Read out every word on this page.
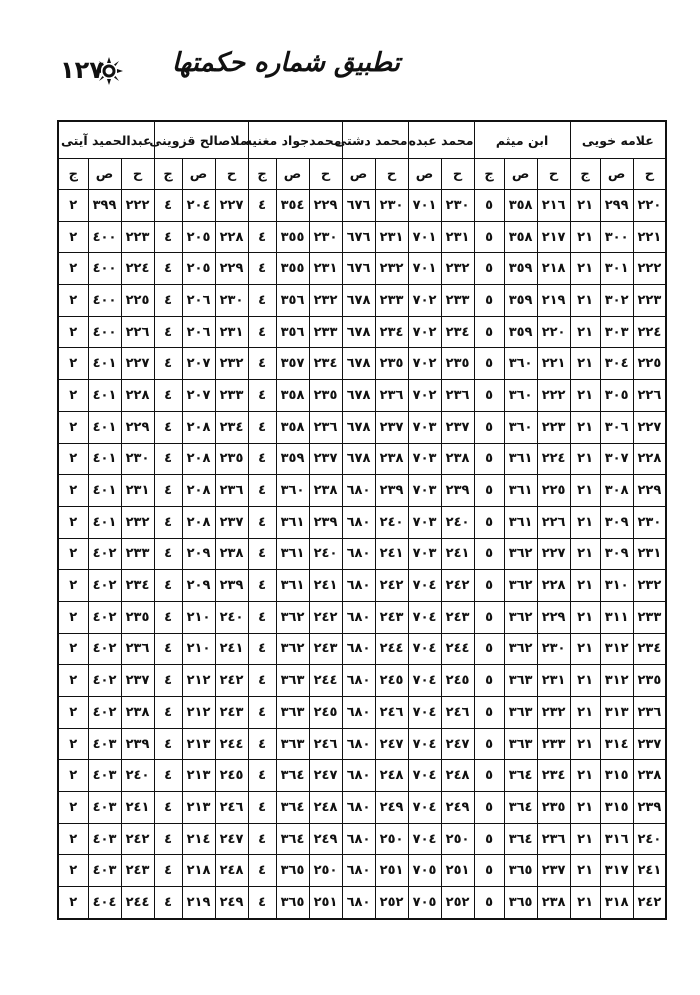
تطبيق شماره حكمتها
١٢٧
علامه خويى			ابن ميثم			محمد عبده		محمد دشتى		محمدجواد مغنيه			ملاصالح قزوينى			عبدالحميد آيتى		
ح	ص	ج	ح	ص	ج	ح	ص	ح	ص	ح	ص	ج	ح	ص	ج	ح	ص	ج
٢٢٠	٢٩٩	٢١	٢١٦	٣٥٨	٥	٢٣٠	٧٠١	٢٣٠	٦٧٦	٢٢٩	٣٥٤	٤	٢٢٧	٢٠٤	٤	٢٢٢	٣٩٩	٢
٢٢١	٣٠٠	٢١	٢١٧	٣٥٨	٥	٢٣١	٧٠١	٢٣١	٦٧٦	٢٣٠	٣٥٥	٤	٢٢٨	٢٠٥	٤	٢٢٣	٤٠٠	٢
٢٢٢	٣٠١	٢١	٢١٨	٣٥٩	٥	٢٣٢	٧٠١	٢٣٢	٦٧٦	٢٣١	٣٥٥	٤	٢٢٩	٢٠٥	٤	٢٢٤	٤٠٠	٢
٢٢٣	٣٠٢	٢١	٢١٩	٣٥٩	٥	٢٣٣	٧٠٢	٢٣٣	٦٧٨	٢٣٢	٣٥٦	٤	٢٣٠	٢٠٦	٤	٢٢٥	٤٠٠	٢
٢٢٤	٣٠٣	٢١	٢٢٠	٣٥٩	٥	٢٣٤	٧٠٢	٢٣٤	٦٧٨	٢٣٣	٣٥٦	٤	٢٣١	٢٠٦	٤	٢٢٦	٤٠٠	٢
٢٢٥	٣٠٤	٢١	٢٢١	٣٦٠	٥	٢٣٥	٧٠٢	٢٣٥	٦٧٨	٢٣٤	٣٥٧	٤	٢٣٢	٢٠٧	٤	٢٢٧	٤٠١	٢
٢٢٦	٣٠٥	٢١	٢٢٢	٣٦٠	٥	٢٣٦	٧٠٢	٢٣٦	٦٧٨	٢٣٥	٣٥٨	٤	٢٣٣	٢٠٧	٤	٢٢٨	٤٠١	٢
٢٢٧	٣٠٦	٢١	٢٢٣	٣٦٠	٥	٢٣٧	٧٠٣	٢٣٧	٦٧٨	٢٣٦	٣٥٨	٤	٢٣٤	٢٠٨	٤	٢٢٩	٤٠١	٢
٢٢٨	٣٠٧	٢١	٢٢٤	٣٦١	٥	٢٣٨	٧٠٣	٢٣٨	٦٧٨	٢٣٧	٣٥٩	٤	٢٣٥	٢٠٨	٤	٢٣٠	٤٠١	٢
٢٢٩	٣٠٨	٢١	٢٢٥	٣٦١	٥	٢٣٩	٧٠٣	٢٣٩	٦٨٠	٢٣٨	٣٦٠	٤	٢٣٦	٢٠٨	٤	٢٣١	٤٠١	٢
٢٣٠	٣٠٩	٢١	٢٢٦	٣٦١	٥	٢٤٠	٧٠٣	٢٤٠	٦٨٠	٢٣٩	٣٦١	٤	٢٣٧	٢٠٨	٤	٢٣٢	٤٠١	٢
٢٣١	٣٠٩	٢١	٢٢٧	٣٦٢	٥	٢٤١	٧٠٣	٢٤١	٦٨٠	٢٤٠	٣٦١	٤	٢٣٨	٢٠٩	٤	٢٣٣	٤٠٢	٢
٢٣٢	٣١٠	٢١	٢٢٨	٣٦٢	٥	٢٤٢	٧٠٤	٢٤٢	٦٨٠	٢٤١	٣٦١	٤	٢٣٩	٢٠٩	٤	٢٣٤	٤٠٢	٢
٢٣٣	٣١١	٢١	٢٢٩	٣٦٢	٥	٢٤٣	٧٠٤	٢٤٣	٦٨٠	٢٤٢	٣٦٢	٤	٢٤٠	٢١٠	٤	٢٣٥	٤٠٢	٢
٢٣٤	٣١٢	٢١	٢٣٠	٣٦٢	٥	٢٤٤	٧٠٤	٢٤٤	٦٨٠	٢٤٣	٣٦٢	٤	٢٤١	٢١٠	٤	٢٣٦	٤٠٢	٢
٢٣٥	٣١٢	٢١	٢٣١	٣٦٣	٥	٢٤٥	٧٠٤	٢٤٥	٦٨٠	٢٤٤	٣٦٣	٤	٢٤٢	٢١٢	٤	٢٣٧	٤٠٢	٢
٢٣٦	٣١٣	٢١	٢٣٢	٣٦٣	٥	٢٤٦	٧٠٤	٢٤٦	٦٨٠	٢٤٥	٣٦٣	٤	٢٤٣	٢١٢	٤	٢٣٨	٤٠٢	٢
٢٣٧	٣١٤	٢١	٢٣٣	٣٦٣	٥	٢٤٧	٧٠٤	٢٤٧	٦٨٠	٢٤٦	٣٦٣	٤	٢٤٤	٢١٣	٤	٢٣٩	٤٠٣	٢
٢٣٨	٣١٥	٢١	٢٣٤	٣٦٤	٥	٢٤٨	٧٠٤	٢٤٨	٦٨٠	٢٤٧	٣٦٤	٤	٢٤٥	٢١٣	٤	٢٤٠	٤٠٣	٢
٢٣٩	٣١٥	٢١	٢٣٥	٣٦٤	٥	٢٤٩	٧٠٤	٢٤٩	٦٨٠	٢٤٨	٣٦٤	٤	٢٤٦	٢١٣	٤	٢٤١	٤٠٣	٢
٢٤٠	٣١٦	٢١	٢٣٦	٣٦٤	٥	٢٥٠	٧٠٤	٢٥٠	٦٨٠	٢٤٩	٣٦٤	٤	٢٤٧	٢١٤	٤	٢٤٢	٤٠٣	٢
٢٤١	٣١٧	٢١	٢٣٧	٣٦٥	٥	٢٥١	٧٠٥	٢٥١	٦٨٠	٢٥٠	٣٦٥	٤	٢٤٨	٢١٨	٤	٢٤٣	٤٠٣	٢
٢٤٢	٣١٨	٢١	٢٣٨	٣٦٥	٥	٢٥٢	٧٠٥	٢٥٢	٦٨٠	٢٥١	٣٦٥	٤	٢٤٩	٢١٩	٤	٢٤٤	٤٠٤	٢
